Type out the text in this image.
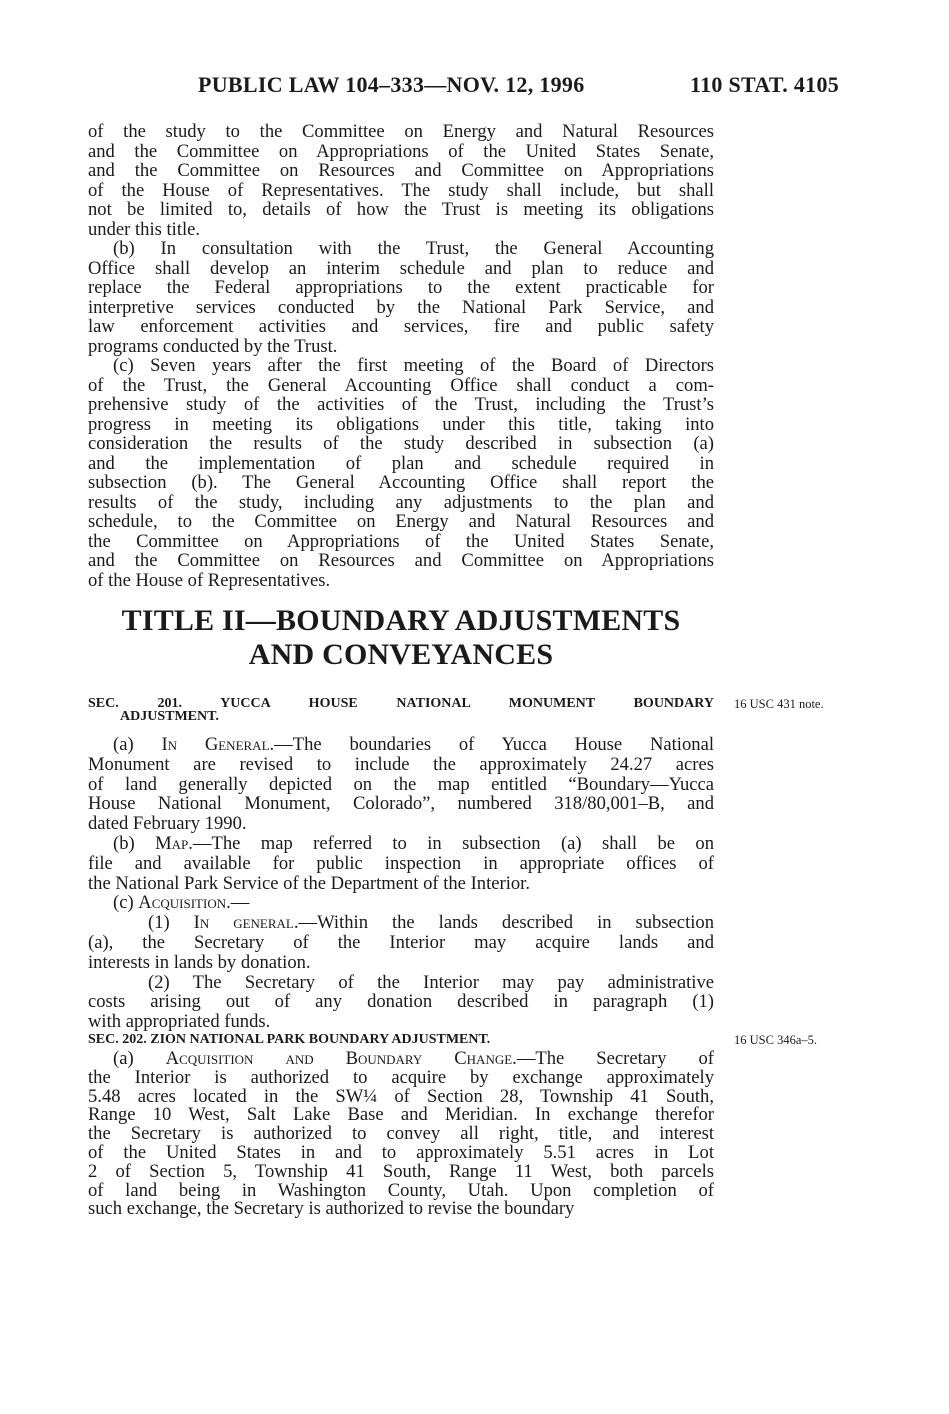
PUBLIC LAW 104–333—NOV. 12, 1996	110 STAT. 4105
of the study to the Committee on Energy and Natural Resources
and the Committee on Appropriations of the United States Senate,
and the Committee on Resources and Committee on Appropriations
of the House of Representatives. The study shall include, but shall
not be limited to, details of how the Trust is meeting its obligations
under this title.
(b) In consultation with the Trust, the General Accounting
Office shall develop an interim schedule and plan to reduce and
replace the Federal appropriations to the extent practicable for
interpretive services conducted by the National Park Service, and
law enforcement activities and services, fire and public safety
programs conducted by the Trust.
(c) Seven years after the first meeting of the Board of Directors
of the Trust, the General Accounting Office shall conduct a com-
prehensive study of the activities of the Trust, including the Trust’s
progress in meeting its obligations under this title, taking into
consideration the results of the study described in subsection (a)
and the implementation of plan and schedule required in
subsection (b). The General Accounting Office shall report the
results of the study, including any adjustments to the plan and
schedule, to the Committee on Energy and Natural Resources and
the Committee on Appropriations of the United States Senate,
and the Committee on Resources and Committee on Appropriations
of the House of Representatives.
TITLE II—BOUNDARY ADJUSTMENTS
AND CONVEYANCES
SEC. 201. YUCCA HOUSE NATIONAL MONUMENT BOUNDARY
ADJUSTMENT.
16 USC 431 note.
(a) In General.—The boundaries of Yucca House National
Monument are revised to include the approximately 24.27 acres
of land generally depicted on the map entitled “Boundary—Yucca
House National Monument, Colorado”, numbered 318/80,001–B, and
dated February 1990.
(b) Map.—The map referred to in subsection (a) shall be on
file and available for public inspection in appropriate offices of
the National Park Service of the Department of the Interior.
(c) Acquisition.—
(1) In general.—Within the lands described in subsection
(a), the Secretary of the Interior may acquire lands and
interests in lands by donation.
(2) The Secretary of the Interior may pay administrative
costs arising out of any donation described in paragraph (1)
with appropriated funds.
SEC. 202. ZION NATIONAL PARK BOUNDARY ADJUSTMENT.	16 USC 346a–5.
(a) Acquisition and Boundary Change.—The Secretary of
the Interior is authorized to acquire by exchange approximately
5.48 acres located in the SW¼ of Section 28, Township 41 South,
Range 10 West, Salt Lake Base and Meridian. In exchange therefor
the Secretary is authorized to convey all right, title, and interest
of the United States in and to approximately 5.51 acres in Lot
2 of Section 5, Township 41 South, Range 11 West, both parcels
of land being in Washington County, Utah. Upon completion of
such exchange, the Secretary is authorized to revise the boundary
